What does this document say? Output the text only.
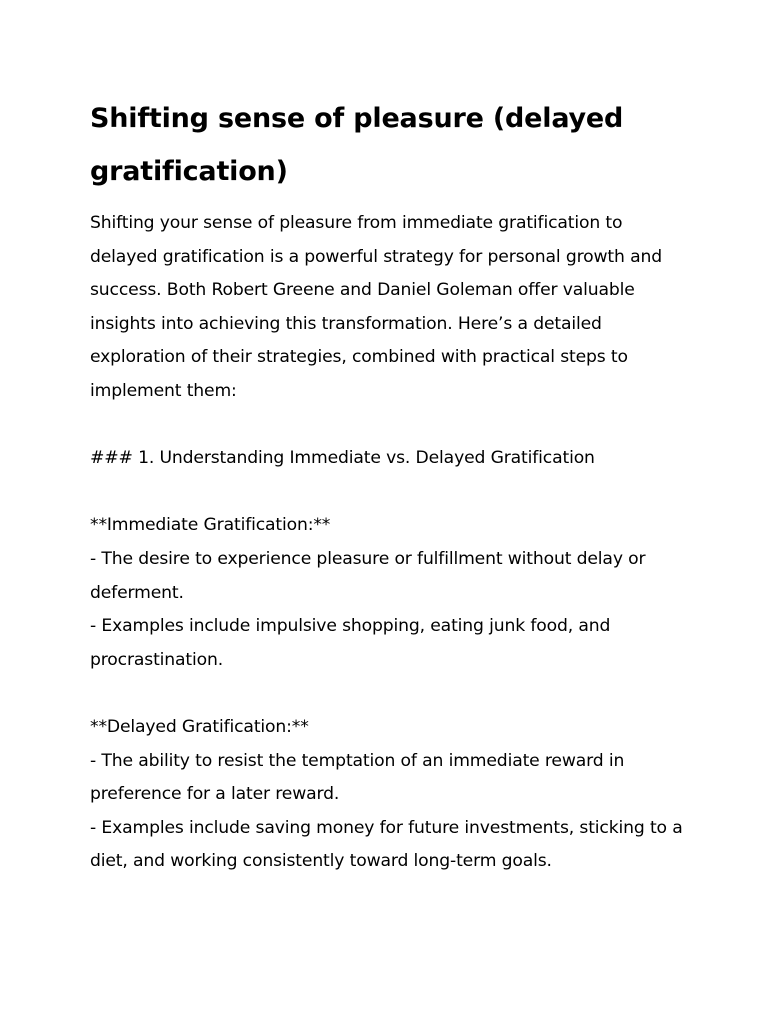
Shifting sense of pleasure (delayed gratification)

Shifting your sense of pleasure from immediate gratification to delayed gratification is a powerful strategy for personal growth and success. Both Robert Greene and Daniel Goleman offer valuable insights into achieving this transformation. Here’s a detailed exploration of their strategies, combined with practical steps to implement them:

### 1. Understanding Immediate vs. Delayed Gratification

**Immediate Gratification:**

- The desire to experience pleasure or fulfillment without delay or deferment.

- Examples include impulsive shopping, eating junk food, and procrastination.

**Delayed Gratification:**

- The ability to resist the temptation of an immediate reward in preference for a later reward.

- Examples include saving money for future investments, sticking to a diet, and working consistently toward long-term goals.
